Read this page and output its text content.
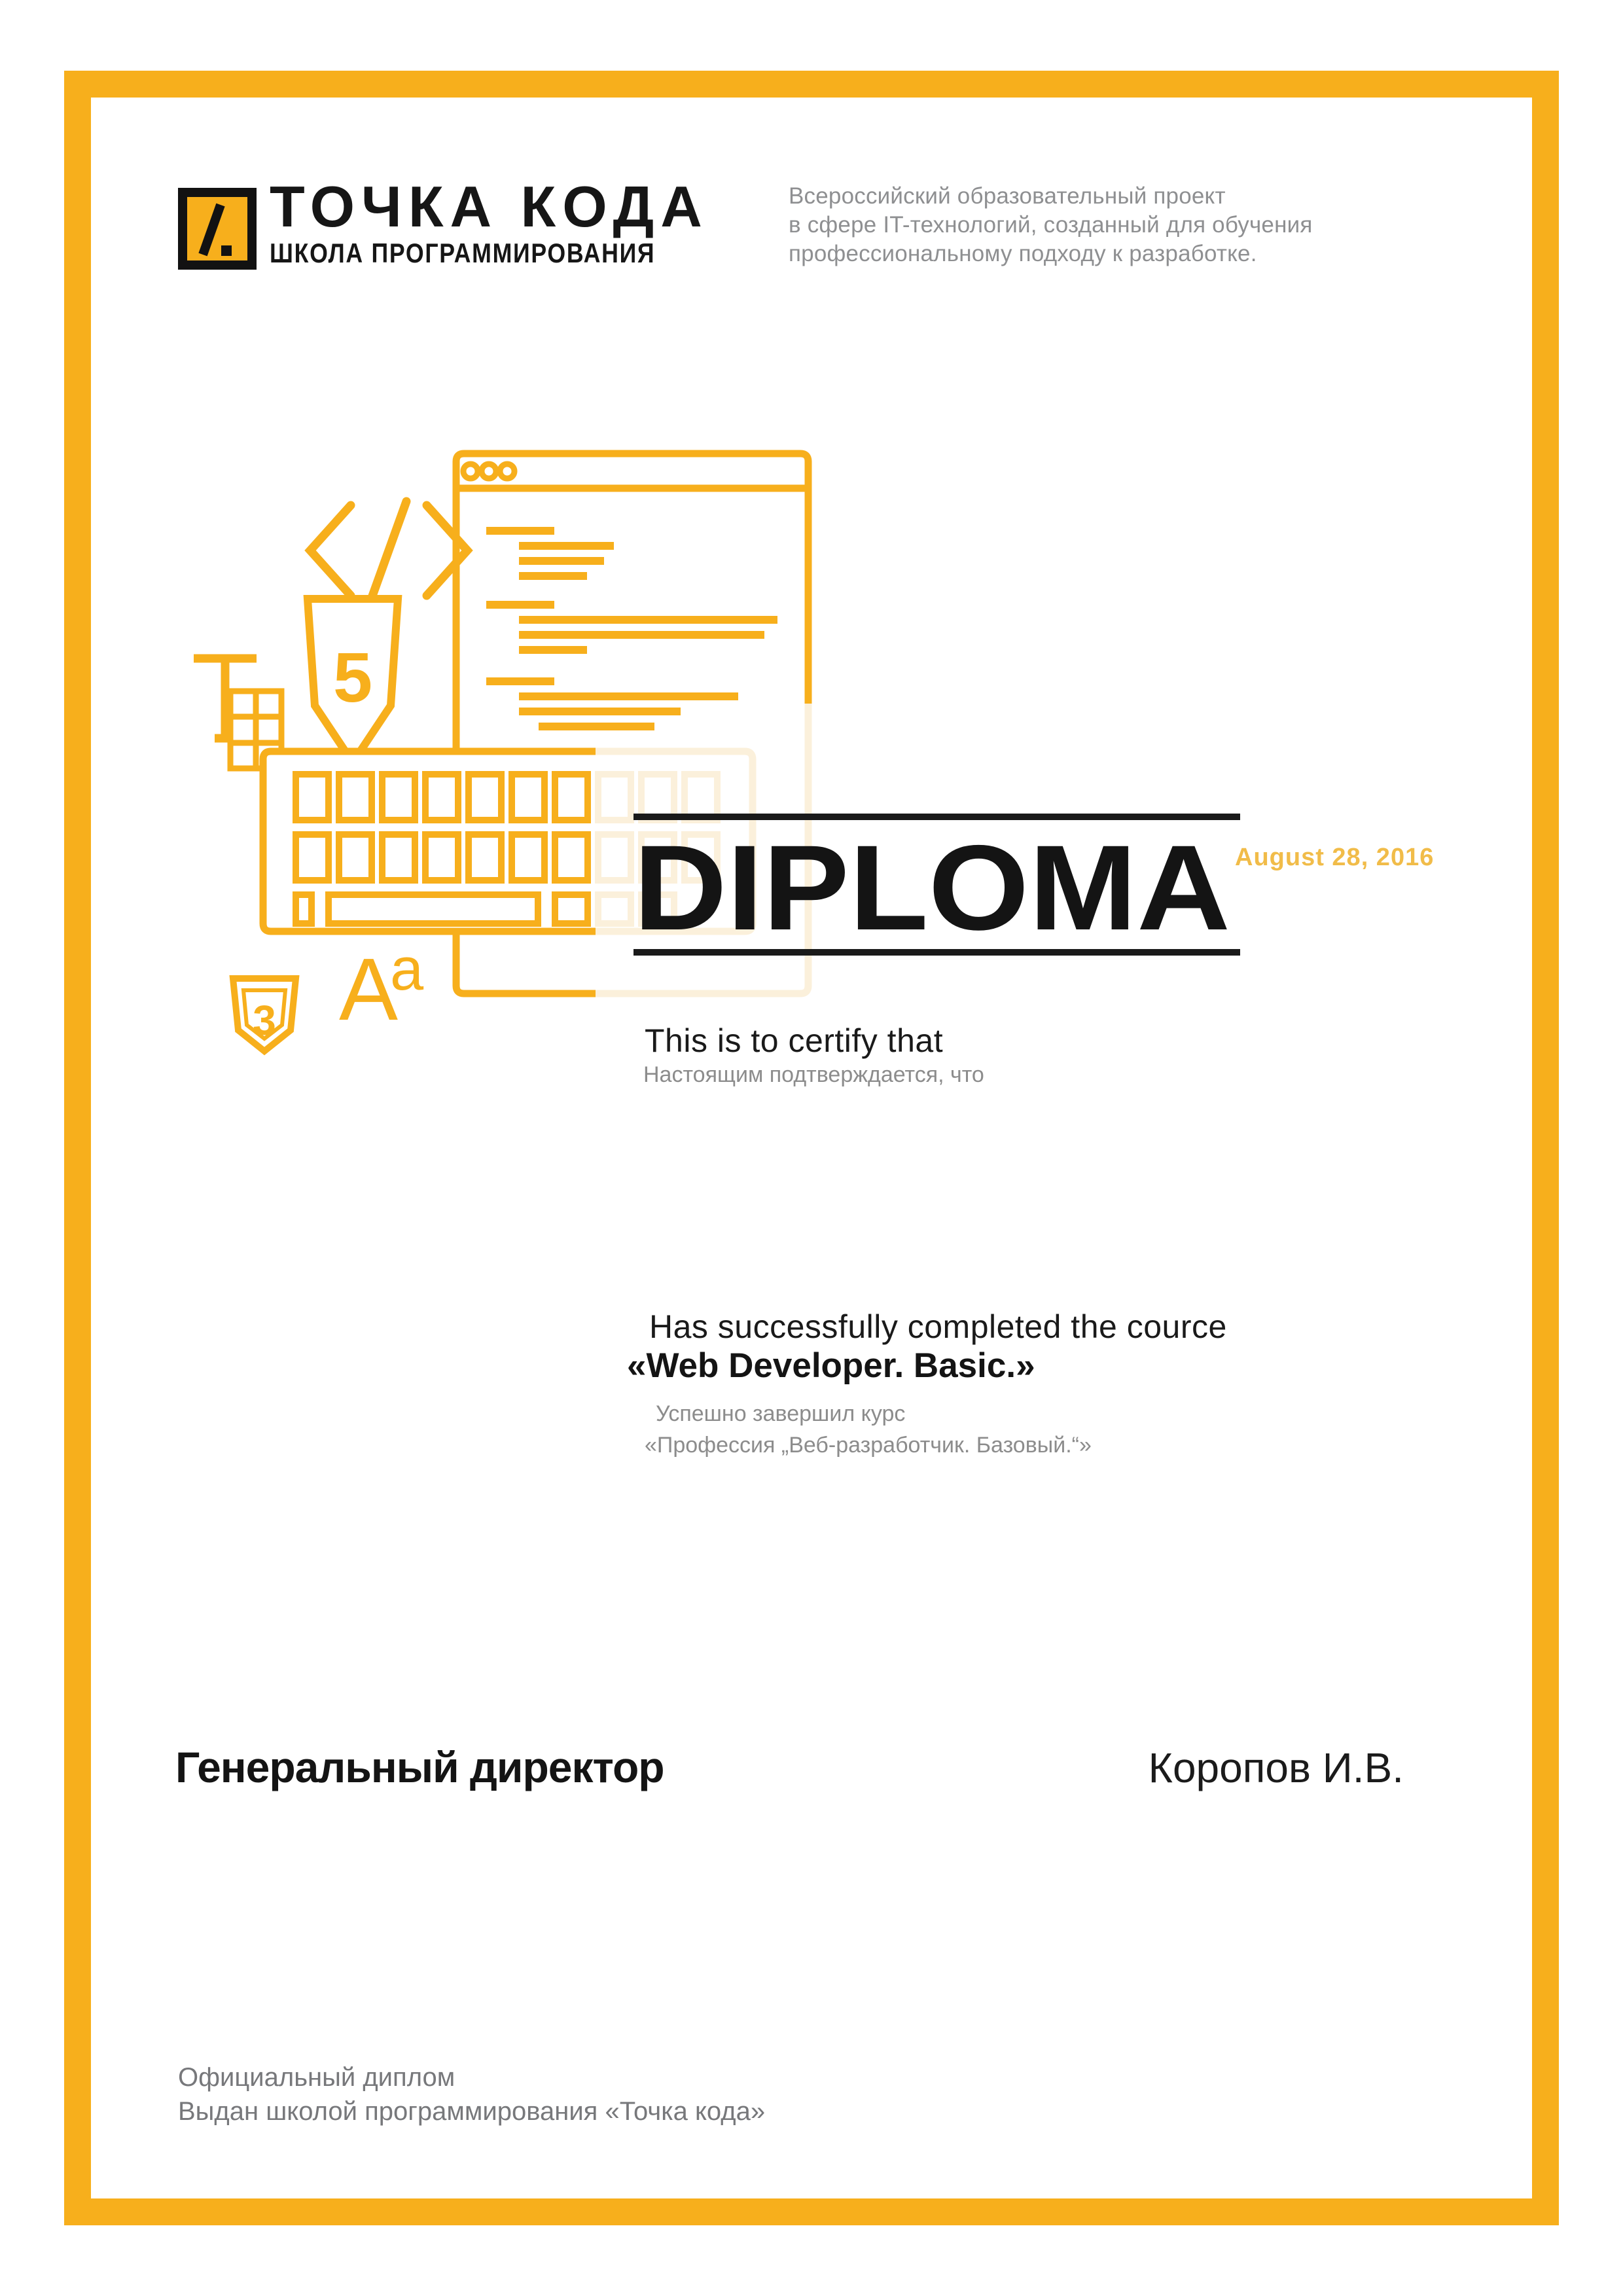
ТОЧКА КОДА
ШКОЛА ПРОГРАММИРОВАНИЯ
Всероссийский образовательный проект
в сфере IT-технологий, созданный для обучения
профессиональному подходу к разработке.
5
3 A
a
DIPLOMA August 28, 2016
This is to certify that
Настоящим подтверждается, что
Has successfully completed the cource
«Web Developer. Basic.»
Успешно завершил курс
«Профессия „Веб-разработчик. Базовый.“»
Генеральный директор	Коропов И.В.
Официальный диплом
Выдан школой программирования «Точка кода»
